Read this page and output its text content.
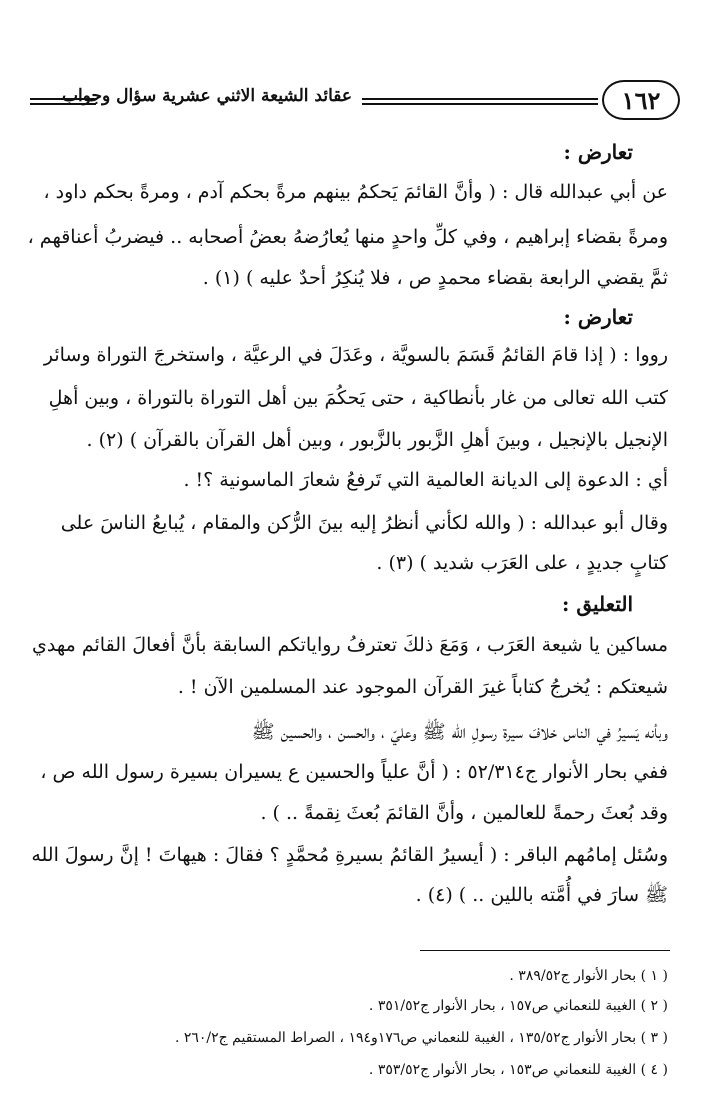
١٦٢
عقائد الشيعة الاثني عشرية سؤال وجواب
تعارض :
عن أبي عبدالله قال : ( وأنَّ القائمَ يَحكمُ بينهم مرةً بحكم آدم ، ومرةً بحكم داود ،
ومرةً بقضاء إبراهيم ، وفي كلِّ واحدٍ منها يُعارُضهُ بعضُ أصحابه .. فيضربُ أعناقهم ،
ثمَّ يقضي الرابعة بقضاء محمدٍ ص ، فلا يُنكِرُ أحدٌ عليه ) (١) .
تعارض :
رووا : ( إذا قامَ القائمُ قَسَمَ بالسويَّة ، وعَدَلَ في الرعيَّة ، واستخرجَ التوراة وسائر
كتب الله تعالى من غار بأنطاكية ، حتى يَحكُمَ بين أهل التوراة بالتوراة ، وبين أهلِ
الإنجيل بالإنجيل ، وبينَ أهلِ الزَّبور بالزَّبور ، وبين أهل القرآن بالقرآن ) (٢) .
أي : الدعوة إلى الديانة العالمية التي تَرفعُ شعارَ الماسونية ؟! .
وقال أبو عبدالله : ( والله لكأني أنظرُ إليه بينَ الرُّكن والمقام ، يُبايعُ الناسَ على
كتابٍ جديدٍ ، على العَرَب شديد ) (٣) .
التعليق :
مساكين يا شيعة العَرَب ، وَمَعَ ذلكَ تعترفُ رواياتكم السابقة بأنَّ أفعالَ القائم مهدي
شيعتكم : يُخرجُ كتاباً غيرَ القرآن الموجود عند المسلمين الآن ! .
وبأنه يَسيرُ في الناس خلافَ سيرة رسولِ الله ﷺ وعليّ ، والحسن ، والحسين ﷺ
ففي بحار الأنوار ج٥٢/٣١٤ : ( أنَّ علياً والحسين ع يسيران بسيرة رسول الله ص ،
وقد بُعثَ رحمةً للعالمين ، وأنَّ القائمَ بُعثَ نِقمةً .. ) .
وسُئل إمامُهم الباقر : ( أيسيرُ القائمُ بسيرةِ مُحمَّدٍ ؟ فقالَ : هيهاتَ ! إنَّ رسولَ الله
ﷺ سارَ في أُمَّته باللين .. ) (٤) .
( ١ ) بحار الأنوار ج٣٨٩/٥٢ .
( ٢ ) الغيبة للنعماني ص١٥٧ ، بحار الأنوار ج٣٥١/٥٢ .
( ٣ ) بحار الأنوار ج١٣٥/٥٢ ، الغيبة للنعماني ص١٧٦و١٩٤ ، الصراط المستقيم ج٢٦٠/٢ .
( ٤ ) الغيبة للنعماني ص١٥٣ ، بحار الأنوار ج٣٥٣/٥٢ .
